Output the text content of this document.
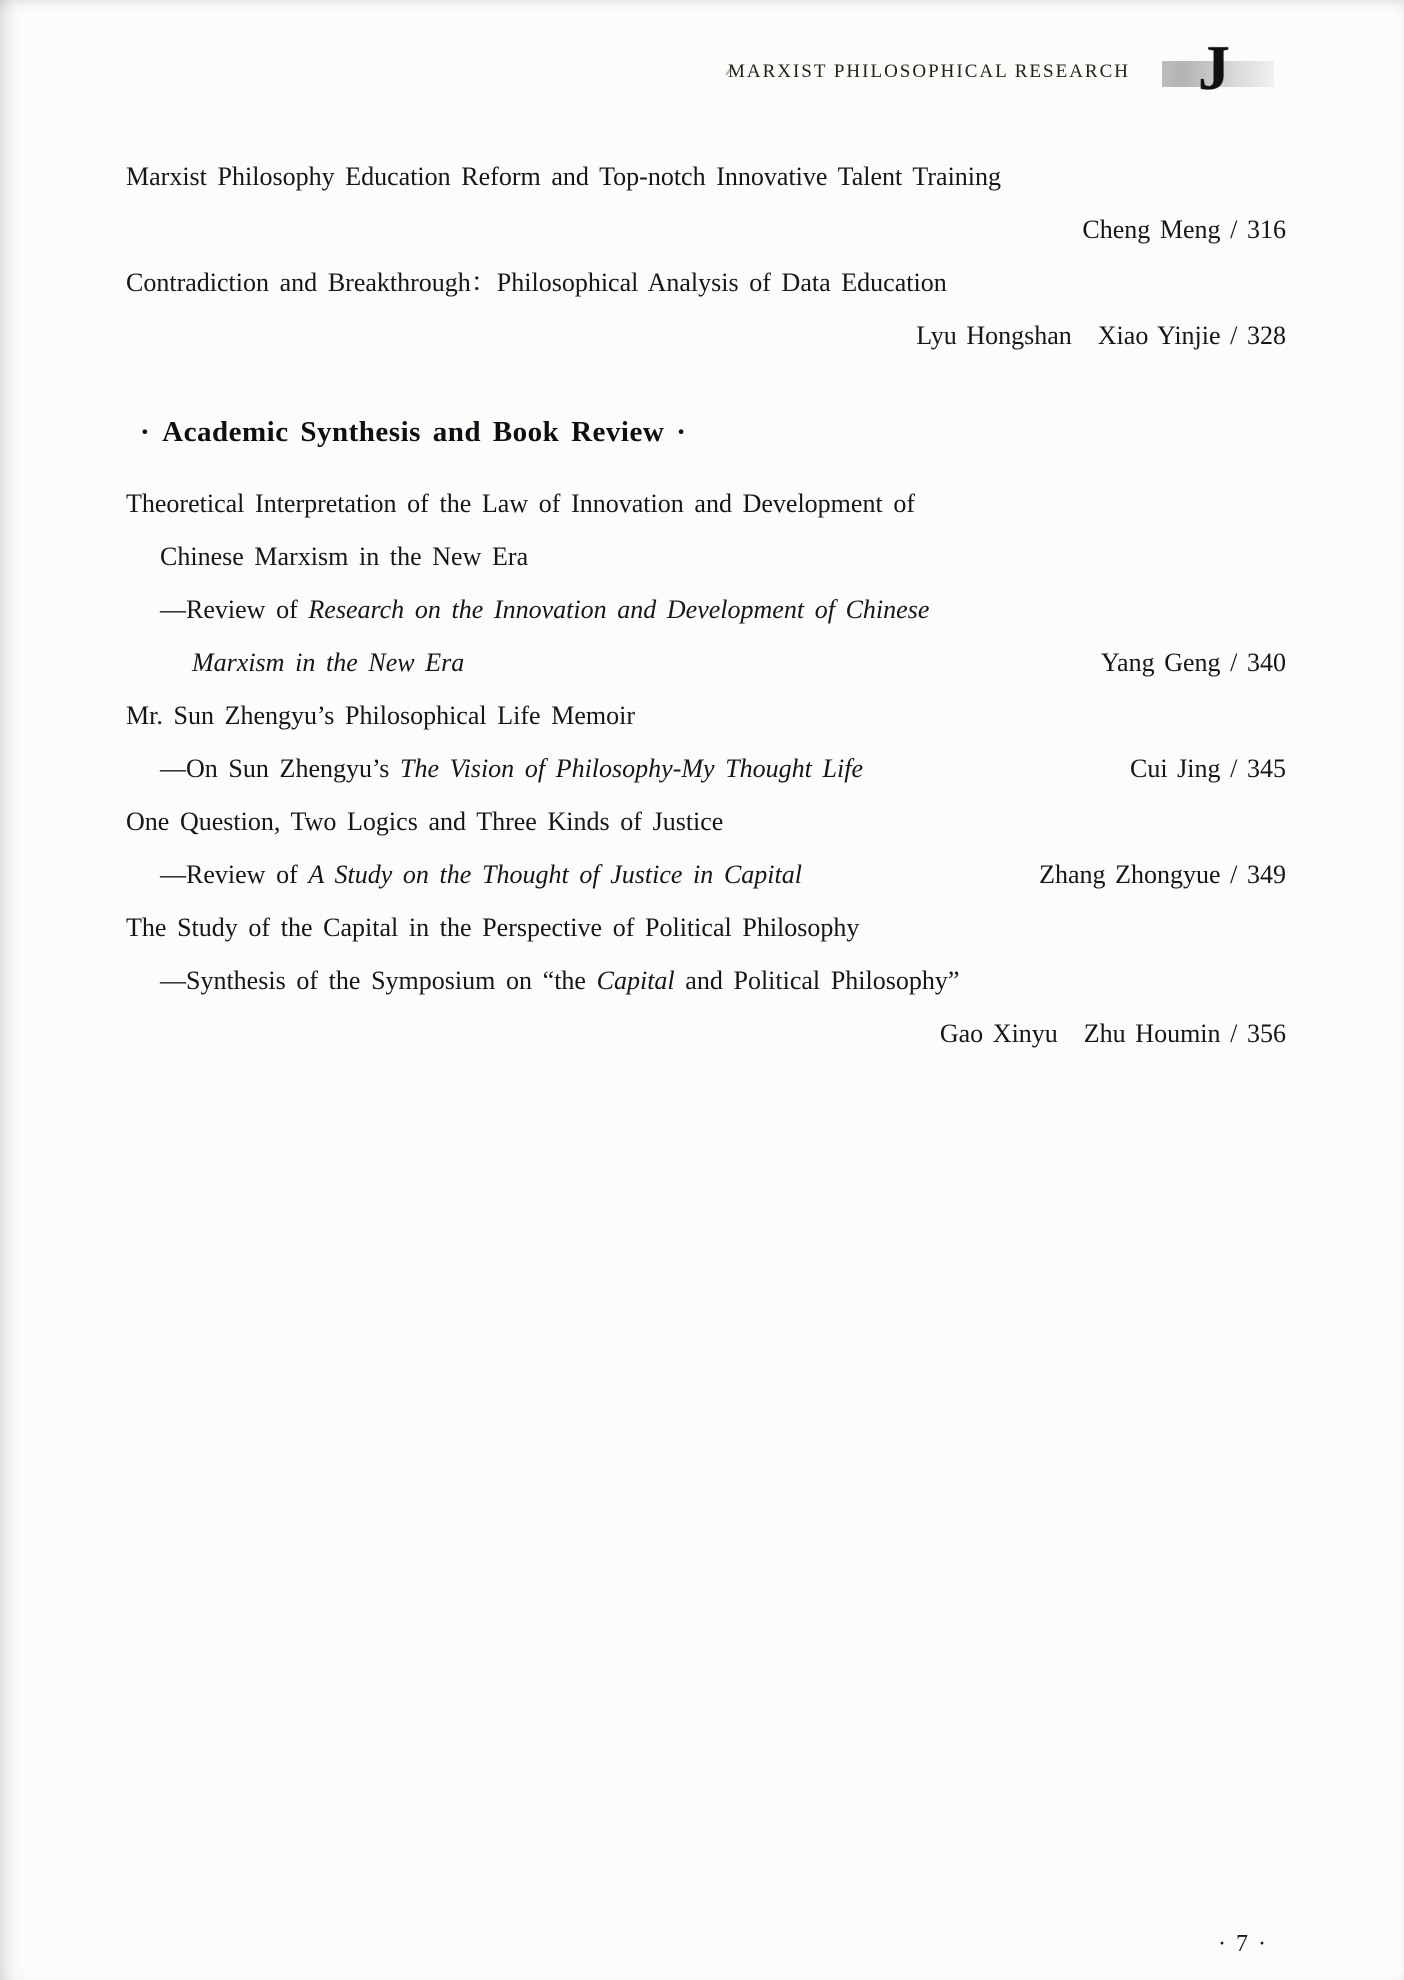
MARXIST PHILOSOPHICAL RESEARCH J
Marxist Philosophy Education Reform and Top-notch Innovative Talent Training
Cheng Meng / 316
Contradiction and Breakthrough：Philosophical Analysis of Data Education
Lyu Hongshan Xiao Yinjie / 328
· Academic Synthesis and Book Review ·
Theoretical Interpretation of the Law of Innovation and Development of
Chinese Marxism in the New Era
—Review of Research on the Innovation and Development of Chinese
Marxism in the New Era	Yang Geng / 340
Mr. Sun Zhengyu’s Philosophical Life Memoir
—On Sun Zhengyu’s The Vision of Philosophy-My Thought Life	Cui Jing / 345
One Question, Two Logics and Three Kinds of Justice
—Review of A Study on the Thought of Justice in Capital	Zhang Zhongyue / 349
The Study of the Capital in the Perspective of Political Philosophy
—Synthesis of the Symposium on “the Capital and Political Philosophy”
Gao Xinyu Zhu Houmin / 356
· 7 ·
